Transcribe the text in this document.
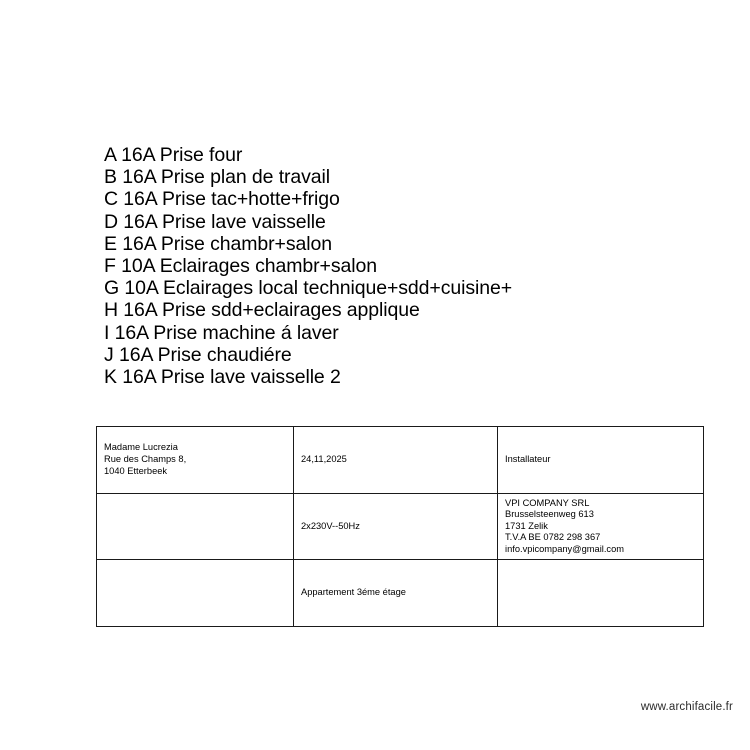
A 16A Prise four
B 16A Prise plan de travail
C 16A Prise tac+hotte+frigo
D 16A Prise lave vaisselle
E 16A Prise chambr+salon
F 10A Eclairages chambr+salon
G 10A Eclairages local technique+sdd+cuisine+
H 16A Prise sdd+eclairages applique
I 16A Prise machine á laver
J 16A Prise chaudiére
K 16A Prise lave vaisselle 2
Madame Lucrezia
Rue des Champs 8,
1040 Etterbeek	24,11,2025	Installateur
	2x230V--50Hz	VPI COMPANY SRL
Brusselsteenweg 613
1731 Zelik
T.V.A BE 0782 298 367
info.vpicompany@gmail.com

	Appartement 3éme étage	
www.archifacile.fr
